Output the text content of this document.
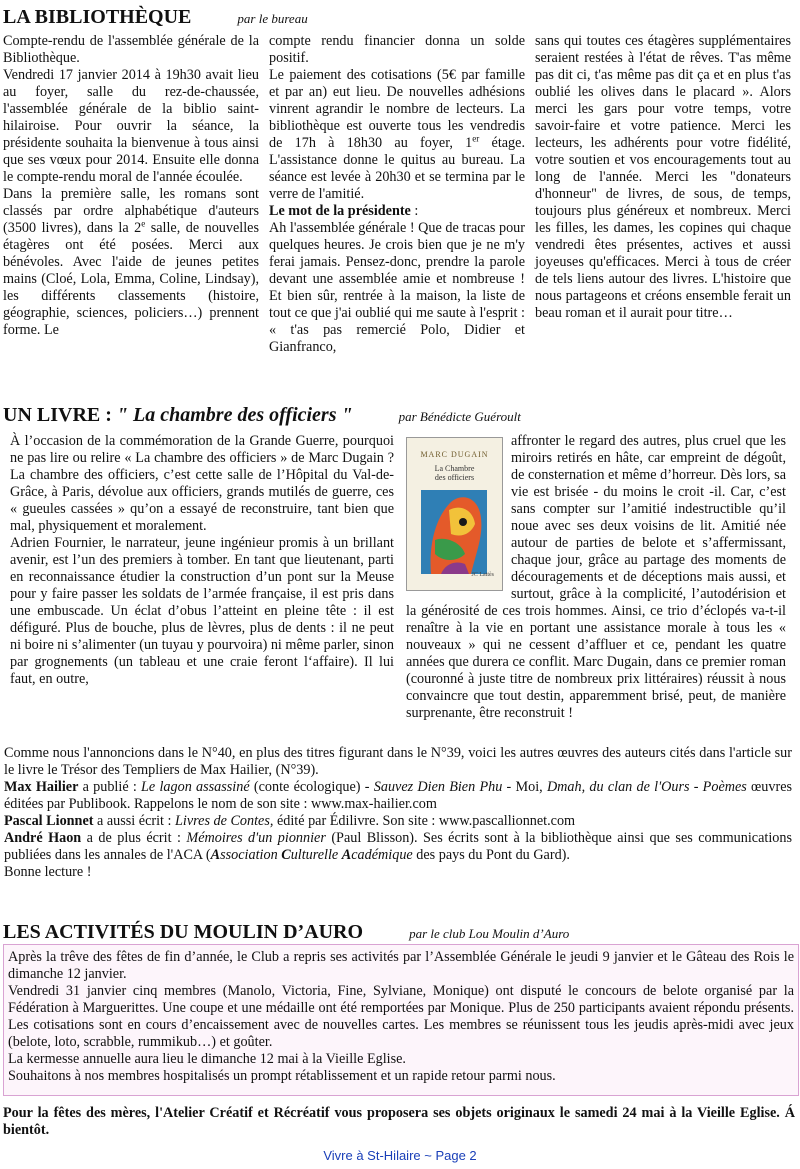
LA BIBLIOTHÈQUE	par le bureau

Compte-rendu de l'assemblée générale de la Bibliothèque.

Vendredi 17 janvier 2014 à 19h30 avait lieu au foyer, salle du rez-de-chaussée, l'assemblée générale de la biblio saint-hilairoise. Pour ouvrir la séance, la présidente souhaita la bienvenue à tous ainsi que ses vœux pour 2014. Ensuite elle donna le compte-rendu moral de l'année écoulée.

Dans la première salle, les romans sont classés par ordre alphabétique d'auteurs (3500 livres), dans la 2e salle, de nouvelles étagères ont été posées. Merci aux bénévoles. Avec l'aide de jeunes petites mains (Cloé, Lola, Emma, Coline, Lindsay), les différents classements (histoire, géographie, sciences, policiers…) prennent forme. Le

compte rendu financier donna un solde positif.

Le paiement des cotisations (5€ par famille et par an) eut lieu. De nouvelles adhésions vinrent agrandir le nombre de lecteurs. La bibliothèque est ouverte tous les vendredis de 17h à 18h30 au foyer, 1er étage. L'assistance donne le quitus au bureau. La séance est levée à 20h30 et se termina par le verre de l'amitié.

Le mot de la présidente :

Ah l'assemblée générale ! Que de tracas pour quelques heures. Je crois bien que je ne m'y ferai jamais. Pensez-donc, prendre la parole devant une assemblée amie et nombreuse ! Et bien sûr, rentrée à la maison, la liste de tout ce que j'ai oublié qui me saute à l'esprit : « t'as pas remercié Polo, Didier et Gianfranco,

sans qui toutes ces étagères supplémentaires seraient restées à l'état de rêves. T'as même pas dit ci, t'as même pas dit ça et en plus t'as oublié les olives dans le placard ». Alors merci les gars pour votre temps, votre savoir-faire et votre patience. Merci les lecteurs, les adhérents pour votre fidélité, votre soutien et vos encouragements tout au long de l'année. Merci les "donateurs d'honneur" de livres, de sous, de temps, toujours plus généreux et nombreux. Merci les filles, les dames, les copines qui chaque vendredi êtes présentes, actives et aussi joyeuses qu'efficaces. Merci à tous de créer de tels liens autour des livres. L'histoire que nous partageons et créons ensemble ferait un beau roman et il aurait pour titre…

UN LIVRE : " La chambre des officiers "	par Bénédicte Guéroult

À l’occasion de la commémoration de la Grande Guerre, pourquoi ne pas lire ou relire « La chambre des officiers » de Marc Dugain ? La chambre des officiers, c’est cette salle de l’Hôpital du Val-de-Grâce, à Paris, dévolue aux officiers, grands mutilés de guerre, ces « gueules cassées » qu’on a essayé de reconstruire, tant bien que mal, physiquement et moralement.

Adrien Fournier, le narrateur, jeune ingénieur promis à un brillant avenir, est l’un des premiers à tomber. En tant que lieutenant, parti en reconnaissance étudier la construction d’un pont sur la Meuse pour y faire passer les soldats de l’armée française, il est pris dans une embuscade. Un éclat d’obus l’atteint en pleine tête : il est défiguré. Plus de bouche, plus de lèvres, plus de dents : il ne peut ni boire ni s’alimenter (un tuyau y pourvoira) ni même parler, sinon par grognements (un tableau et une craie feront l‘affaire). Il lui faut, en outre,

MARC DUGAIN
La Chambre
des officiers
JC Lattès

affronter le regard des autres, plus cruel que les miroirs retirés en hâte, car empreint de dégoût, de consternation et même d’horreur. Dès lors, sa vie est brisée - du moins le croit -il. Car, c’est sans compter sur l’amitié indestructible qu’il noue avec ses deux voisins de lit. Amitié née autour de parties de belote et s’affermissant, chaque jour, grâce au partage des moments de découragements et de déceptions mais aussi, et surtout, grâce à la complicité, l’autodérision et la générosité de ces trois hommes. Ainsi, ce trio d’éclopés va-t-il renaître à la vie en portant une assistance morale à tous les « nouveaux » qui ne cessent d’affluer et ce, pendant les quatre années que durera ce conflit. Marc Dugain, dans ce premier roman (couronné à juste titre de nombreux prix littéraires) réussit à nous convaincre que tout destin, apparemment brisé, peut, de manière surprenante, être reconstruit !

Comme nous l'annoncions dans le N°40, en plus des titres figurant dans le N°39, voici les autres œuvres des auteurs cités dans l'article sur le livre le Trésor des Templiers de Max Hailier, (N°39).

Max Hailier a publié : Le lagon assassiné (conte écologique) - Sauvez Dien Bien Phu - Moi, Dmah, du clan de l'Ours - Poèmes œuvres éditées par Publibook. Rappelons le nom de son site : www.max-hailier.com

Pascal Lionnet a aussi écrit : Livres de Contes, édité par Édilivre. Son site : www.pascallionnet.com

André Haon a de plus écrit : Mémoires d'un pionnier (Paul Blisson). Ses écrits sont à la bibliothèque ainsi que ses communications publiées dans les annales de l'ACA (Association Culturelle Académique des pays du Pont du Gard).

Bonne lecture !

LES ACTIVITÉS DU MOULIN D’AURO	par le club Lou Moulin d’Auro

Après la trêve des fêtes de fin d’année, le Club a repris ses activités par l’Assemblée Générale le jeudi 9 janvier et le Gâteau des Rois le dimanche 12 janvier.

Vendredi 31 janvier cinq membres (Manolo, Victoria, Fine, Sylviane, Monique) ont disputé le concours de belote organisé par la Fédération à Marguerittes. Une coupe et une médaille ont été remportées par Monique. Plus de 250 participants avaient répondu présents. Les cotisations sont en cours d’encaissement avec de nouvelles cartes. Les membres se réunissent tous les jeudis après-midi avec jeux (belote, loto, scrabble, rummikub…) et goûter.

La kermesse annuelle aura lieu le dimanche 12 mai à la Vieille Eglise.

Souhaitons à nos membres hospitalisés un prompt rétablissement et un rapide retour parmi nous.

Pour la fêtes des mères, l'Atelier Créatif et Récréatif vous proposera ses objets originaux le samedi 24 mai à la Vieille Eglise. Á bientôt.

Vivre à St-Hilaire ~ Page 2
